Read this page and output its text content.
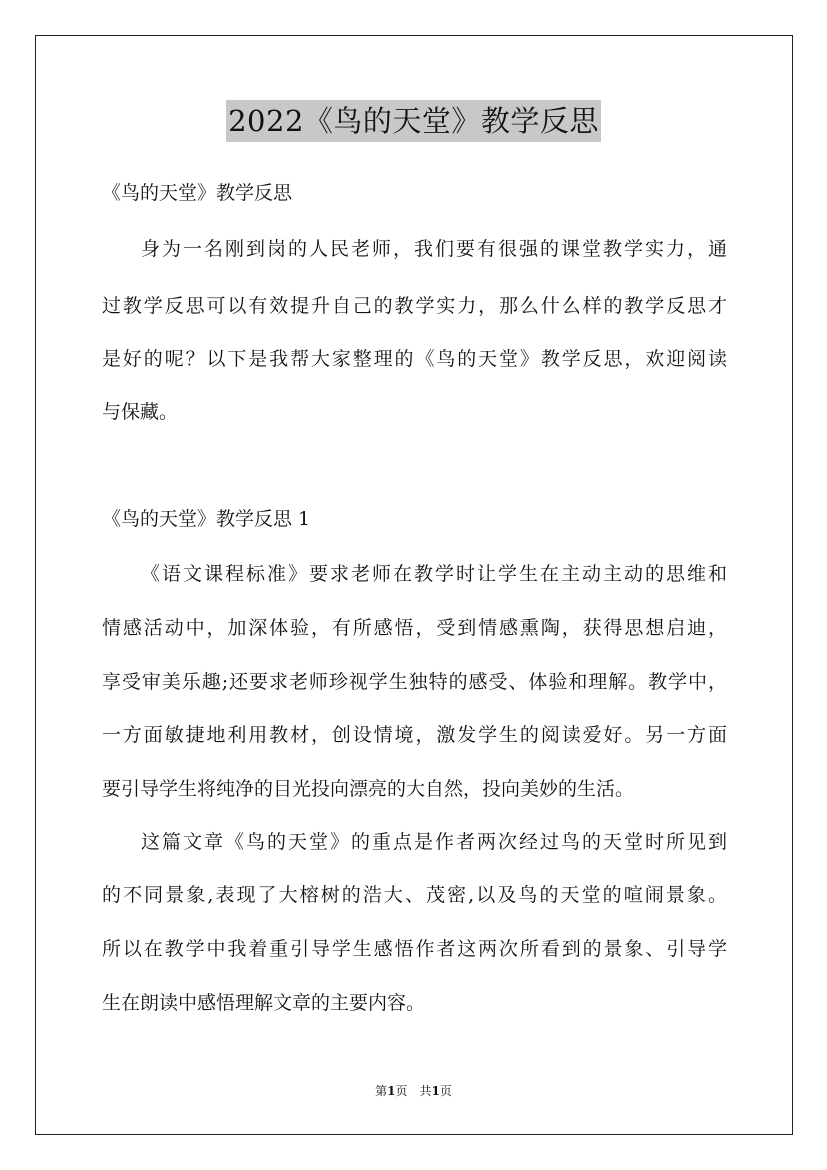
2022《鸟的天堂》教学反思
《鸟的天堂》教学反思
身为一名刚到岗的人民老师，我们要有很强的课堂教学实力，通
过教学反思可以有效提升自己的教学实力，那么什么样的教学反思才
是好的呢？以下是我帮大家整理的《鸟的天堂》教学反思，欢迎阅读
与保藏。
《鸟的天堂》教学反思 1
《语文课程标准》要求老师在教学时让学生在主动主动的思维和
情感活动中，加深体验，有所感悟，受到情感熏陶，获得思想启迪，
享受审美乐趣;还要求老师珍视学生独特的感受、体验和理解。教学中，
一方面敏捷地利用教材，创设情境，激发学生的阅读爱好。另一方面
要引导学生将纯净的目光投向漂亮的大自然，投向美妙的生活。
这篇文章《鸟的天堂》的重点是作者两次经过鸟的天堂时所见到
的不同景象,表现了大榕树的浩大、茂密,以及鸟的天堂的喧闹景象。
所以在教学中我着重引导学生感悟作者这两次所看到的景象、引导学
生在朗读中感悟理解文章的主要内容。
第1页　共1页
